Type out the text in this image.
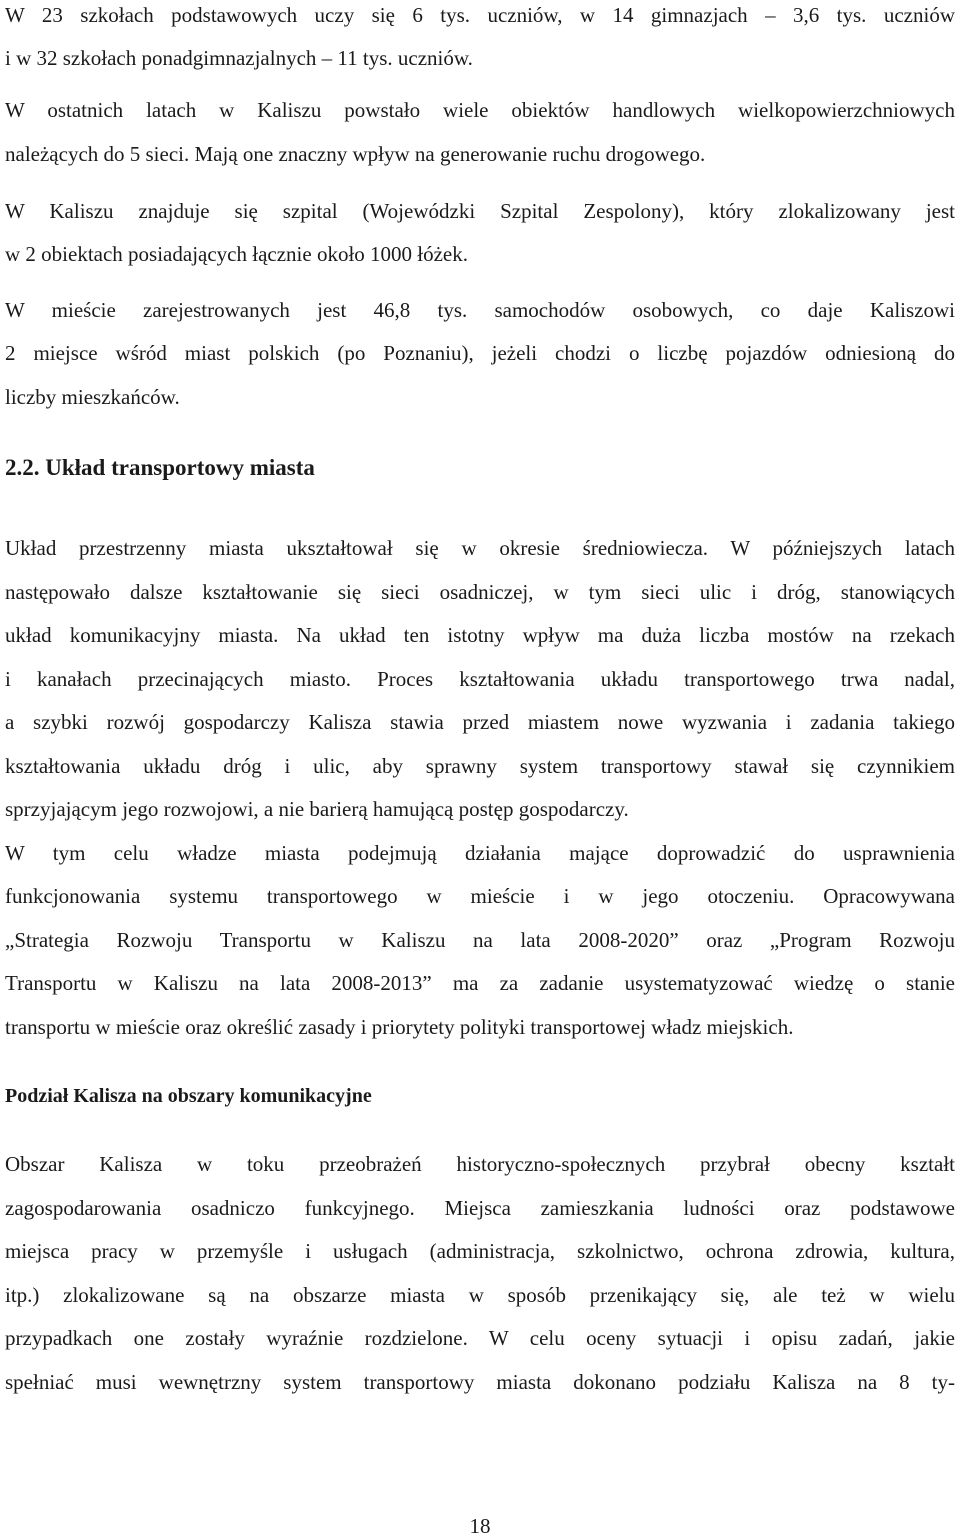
W 23 szkołach podstawowych uczy się 6 tys. uczniów, w 14 gimnazjach – 3,6 tys. uczniów
i w 32 szkołach ponadgimnazjalnych – 11 tys. uczniów.
W ostatnich latach w Kaliszu powstało wiele obiektów handlowych wielkopowierzchniowych
należących do 5 sieci. Mają one znaczny wpływ na generowanie ruchu drogowego.
W Kaliszu znajduje się szpital (Wojewódzki Szpital Zespolony), który zlokalizowany jest
w 2 obiektach posiadających łącznie około 1000 łóżek.
W mieście zarejestrowanych jest 46,8 tys. samochodów osobowych, co daje Kaliszowi
2 miejsce wśród miast polskich (po Poznaniu), jeżeli chodzi o liczbę pojazdów odniesioną do
liczby mieszkańców.
2.2. Układ transportowy miasta
Układ przestrzenny miasta ukształtował się w okresie średniowiecza. W późniejszych latach
następowało dalsze kształtowanie się sieci osadniczej, w tym sieci ulic i dróg, stanowiących
układ komunikacyjny miasta. Na układ ten istotny wpływ ma duża liczba mostów na rzekach
i kanałach przecinających miasto. Proces kształtowania układu transportowego trwa nadal,
a szybki rozwój gospodarczy Kalisza stawia przed miastem nowe wyzwania i zadania takiego
kształtowania układu dróg i ulic, aby sprawny system transportowy stawał się czynnikiem
sprzyjającym jego rozwojowi, a nie barierą hamującą postęp gospodarczy.
W tym celu władze miasta podejmują działania mające doprowadzić do usprawnienia
funkcjonowania systemu transportowego w mieście i w jego otoczeniu. Opracowywana
„Strategia Rozwoju Transportu w Kaliszu na lata 2008-2020” oraz „Program Rozwoju
Transportu w Kaliszu na lata 2008-2013” ma za zadanie usystematyzować wiedzę o stanie
transportu w mieście oraz określić zasady i priorytety polityki transportowej władz miejskich.
Podział Kalisza na obszary komunikacyjne
Obszar Kalisza w toku przeobrażeń historyczno-społecznych przybrał obecny kształt
zagospodarowania osadniczo funkcyjnego. Miejsca zamieszkania ludności oraz podstawowe
miejsca pracy w przemyśle i usługach (administracja, szkolnictwo, ochrona zdrowia, kultura,
itp.) zlokalizowane są na obszarze miasta w sposób przenikający się, ale też w wielu
przypadkach one zostały wyraźnie rozdzielone. W celu oceny sytuacji i opisu zadań, jakie
spełniać musi wewnętrzny system transportowy miasta dokonano podziału Kalisza na 8 ty-
18
